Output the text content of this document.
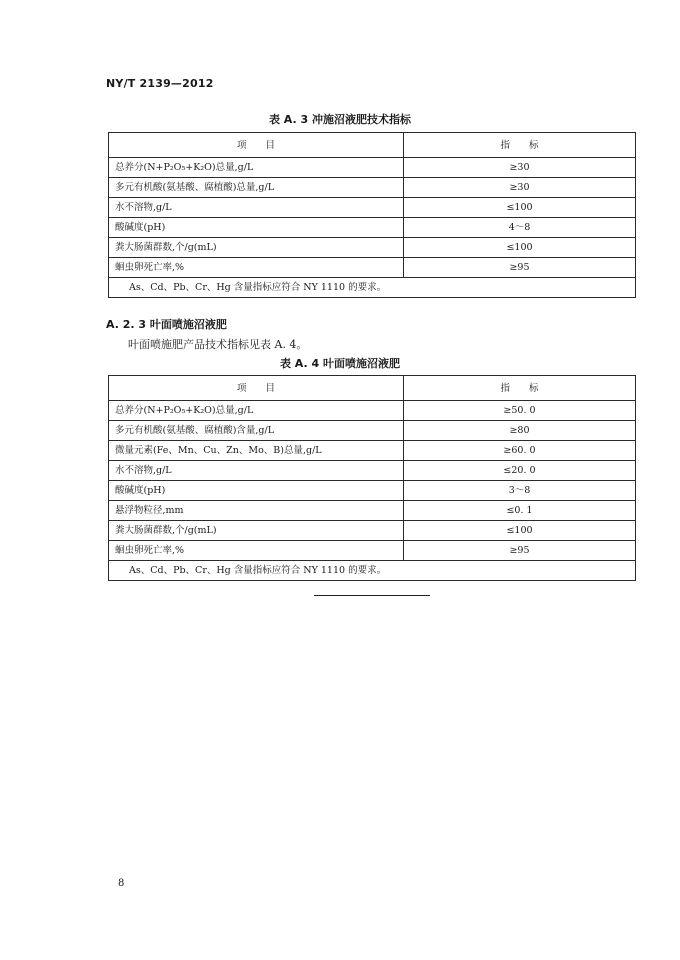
NY/T 2139—2012
表 A. 3 冲施沼液肥技术指标
项　　目	指　　标
总养分(N+P₂O₅+K₂O)总量,g/L	≥30
多元有机酸(氨基酸、腐植酸)总量,g/L	≥30
水不溶物,g/L	≤100
酸碱度(pH)	4～8
粪大肠菌群数,个/g(mL)	≤100
蛔虫卵死亡率,%	≥95
As、Cd、Pb、Cr、Hg 含量指标应符合 NY 1110 的要求。	
A. 2. 3 叶面喷施沼液肥
叶面喷施肥产品技术指标见表 A. 4。
表 A. 4 叶面喷施沼液肥
项　　目	指　　标
总养分(N+P₂O₅+K₂O)总量,g/L	≥50. 0
多元有机酸(氨基酸、腐植酸)含量,g/L	≥80
微量元素(Fe、Mn、Cu、Zn、Mo、B)总量,g/L	≥60. 0
水不溶物,g/L	≤20. 0
酸碱度(pH)	3～8
悬浮物粒径,mm	≤0. 1
粪大肠菌群数,个/g(mL)	≤100
蛔虫卵死亡率,%	≥95
As、Cd、Pb、Cr、Hg 含量指标应符合 NY 1110 的要求。	
8
